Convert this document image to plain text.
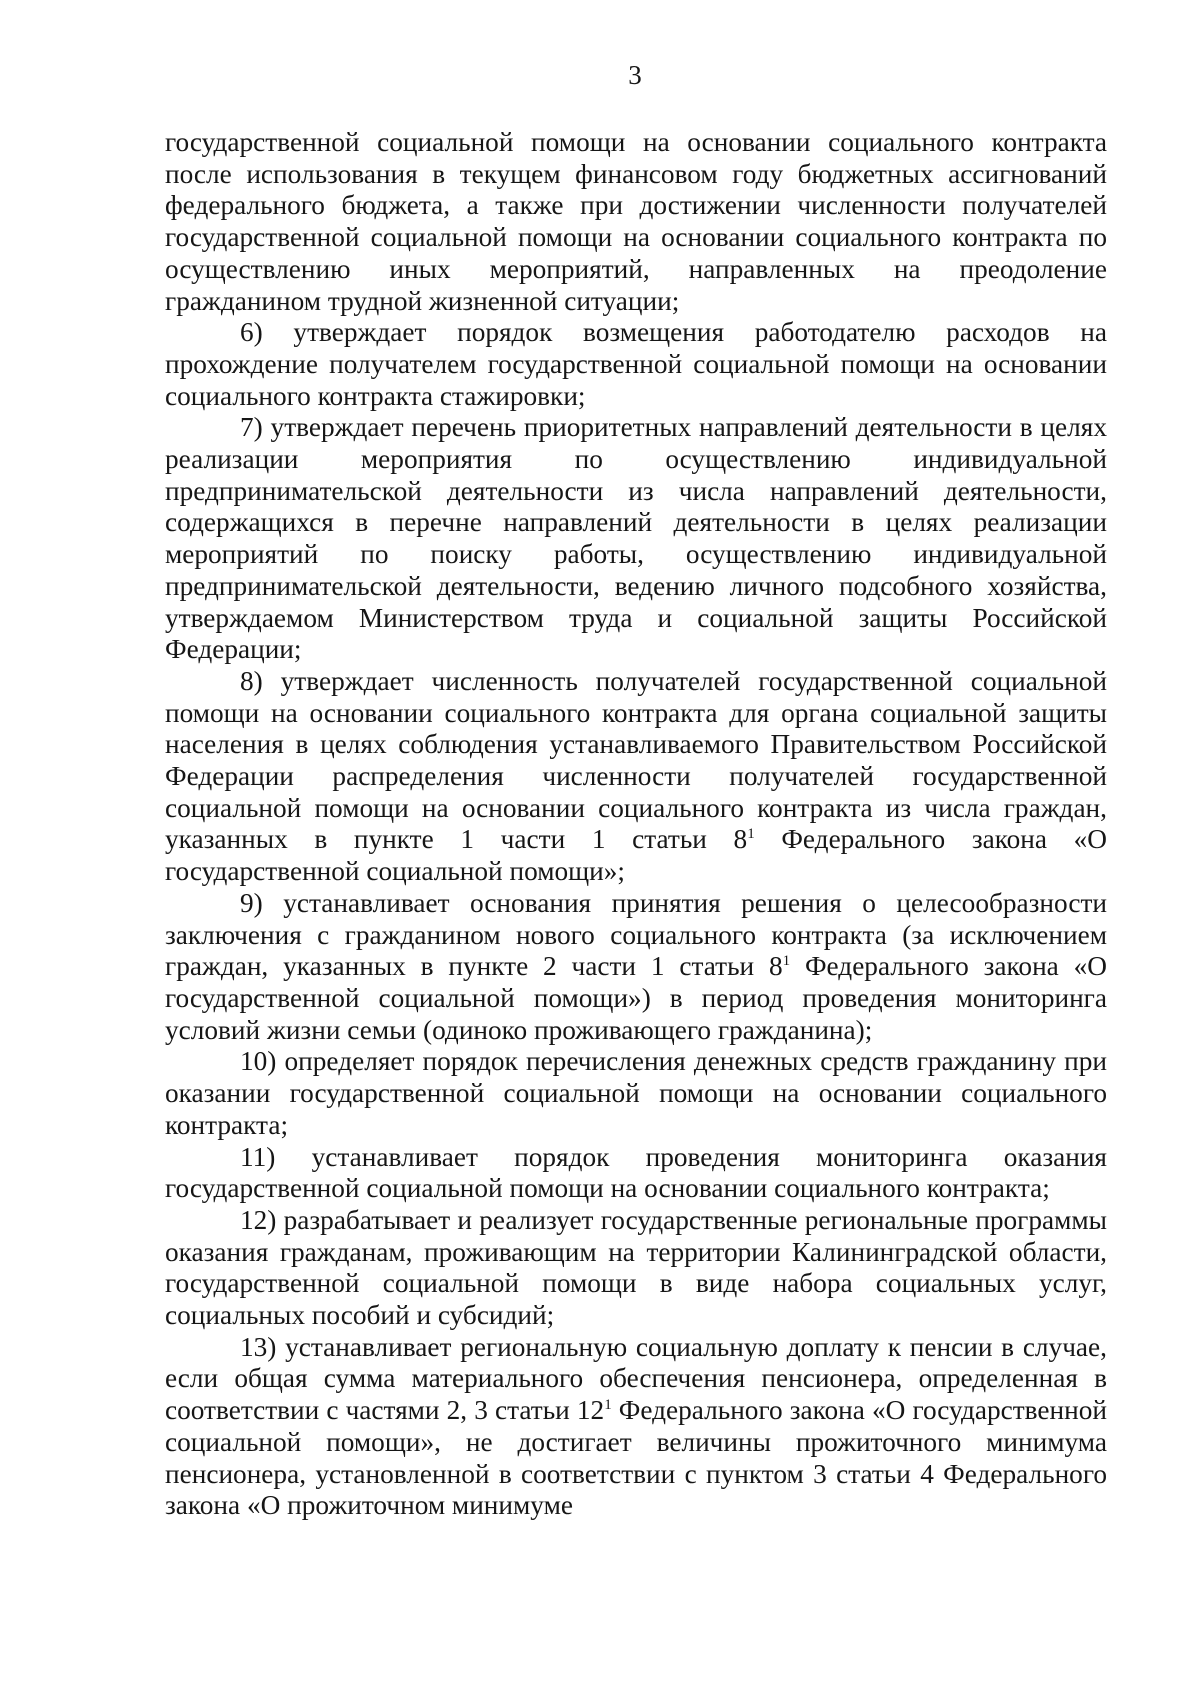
3

государственной социальной помощи на основании социального контракта после использования в текущем финансовом году бюджетных ассигнований федерального бюджета, а также при достижении численности получателей государственной социальной помощи на основании социального контракта по осуществлению иных мероприятий, направленных на преодоление гражданином трудной жизненной ситуации;

6) утверждает порядок возмещения работодателю расходов на прохождение получателем государственной социальной помощи на основании социального контракта стажировки;

7) утверждает перечень приоритетных направлений деятельности в целях реализации мероприятия по осуществлению индивидуальной предпринимательской деятельности из числа направлений деятельности, содержащихся в перечне направлений деятельности в целях реализации мероприятий по поиску работы, осуществлению индивидуальной предпринимательской деятельности, ведению личного подсобного хозяйства, утверждаемом Министерством труда и социальной защиты Российской Федерации;

8) утверждает численность получателей государственной социальной помощи на основании социального контракта для органа социальной защиты населения в целях соблюдения устанавливаемого Правительством Российской Федерации распределения численности получателей государственной социальной помощи на основании социального контракта из числа граждан, указанных в пункте 1 части 1 статьи $8^1$ Федерального закона «О государственной социальной помощи»;

9) устанавливает основания принятия решения о целесообразности заключения с гражданином нового социального контракта (за исключением граждан, указанных в пункте 2 части 1 статьи $8^1$ Федерального закона «О государственной социальной помощи») в период проведения мониторинга условий жизни семьи (одиноко проживающего гражданина);

10) определяет порядок перечисления денежных средств гражданину при оказании государственной социальной помощи на основании социального контракта;

11) устанавливает порядок проведения мониторинга оказания государственной социальной помощи на основании социального контракта;

12) разрабатывает и реализует государственные региональные программы оказания гражданам, проживающим на территории Калининградской области, государственной социальной помощи в виде набора социальных услуг, социальных пособий и субсидий;

13) устанавливает региональную социальную доплату к пенсии в случае, если общая сумма материального обеспечения пенсионера, определенная в соответствии с частями 2, 3 статьи $12^1$ Федерального закона «О государственной социальной помощи», не достигает величины прожиточного минимума пенсионера, установленной в соответствии с пунктом 3 статьи 4 Федерального закона «О прожиточном минимуме
